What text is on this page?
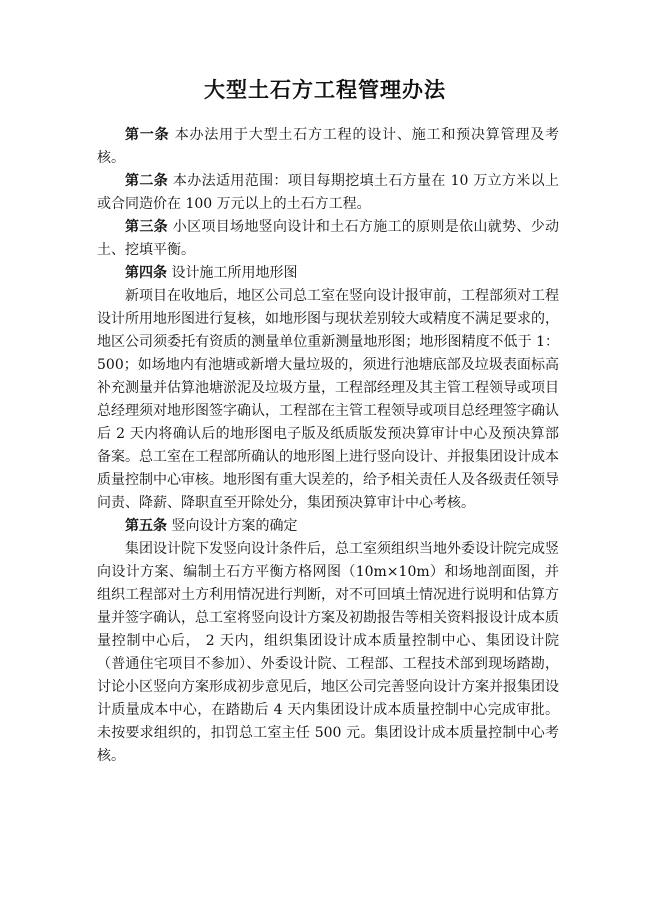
大型土石方工程管理办法

第一条 本办法用于大型土石方工程的设计、施工和预决算管理及考核。

第二条 本办法适用范围：项目每期挖填土石方量在 10 万立方米以上或合同造价在 100 万元以上的土石方工程。

第三条 小区项目场地竖向设计和土石方施工的原则是依山就势、少动土、挖填平衡。

第四条 设计施工所用地形图

新项目在收地后，地区公司总工室在竖向设计报审前，工程部须对工程设计所用地形图进行复核，如地形图与现状差别较大或精度不满足要求的，地区公司须委托有资质的测量单位重新测量地形图；地形图精度不低于 1：500；如场地内有池塘或新增大量垃圾的，须进行池塘底部及垃圾表面标高补充测量并估算池塘淤泥及垃圾方量，工程部经理及其主管工程领导或项目总经理须对地形图签字确认，工程部在主管工程领导或项目总经理签字确认后 2 天内将确认后的地形图电子版及纸质版发预决算审计中心及预决算部备案。总工室在工程部所确认的地形图上进行竖向设计、并报集团设计成本质量控制中心审核。地形图有重大误差的，给予相关责任人及各级责任领导问责、降薪、降职直至开除处分，集团预决算审计中心考核。

第五条 竖向设计方案的确定

集团设计院下发竖向设计条件后，总工室须组织当地外委设计院完成竖向设计方案、编制土石方平衡方格网图（10m×10m）和场地剖面图，并组织工程部对土方利用情况进行判断，对不可回填土情况进行说明和估算方量并签字确认，总工室将竖向设计方案及初勘报告等相关资料报设计成本质量控制中心后， 2 天内，组织集团设计成本质量控制中心、集团设计院（普通住宅项目不参加）、外委设计院、工程部、工程技术部到现场踏勘，讨论小区竖向方案形成初步意见后，地区公司完善竖向设计方案并报集团设计质量成本中心，在踏勘后 4 天内集团设计成本质量控制中心完成审批。未按要求组织的，扣罚总工室主任 500 元。集团设计成本质量控制中心考核。
